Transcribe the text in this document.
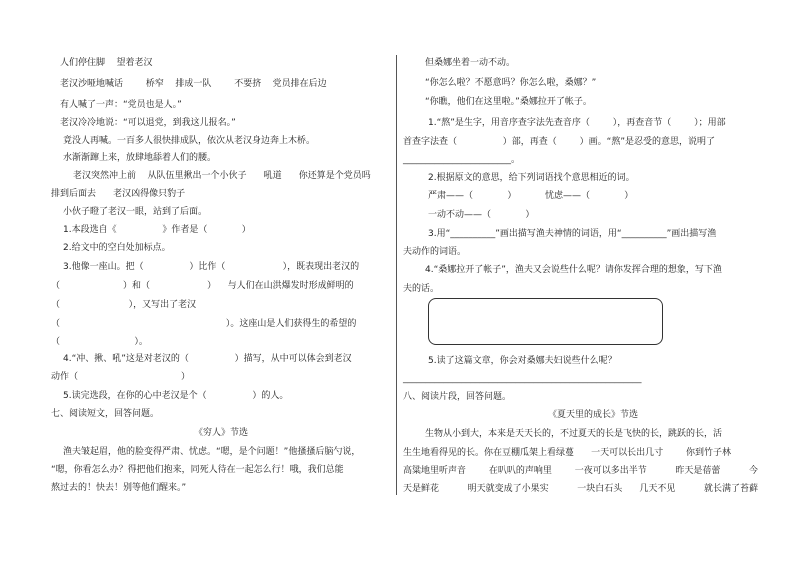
人们停住脚    望着老汉
老汉沙哑地喊话        桥窄    排成一队        不要挤    党员排在后边
有人喊了一声：“党员也是人。”
老汉冷冷地说：“可以退党，到我这儿报名。”
竟没人再喊。一百多人很快排成队，依次从老汉身边奔上木桥。
水渐渐蹿上来，放肆地舔着人们的腰。
老汉突然冲上前    从队伍里揪出一个小伙子      吼道      你还算是个党员吗
排到后面去      老汉凶得像只豹子
小伙子瞪了老汉一眼，站到了后面。
1.本段选自《                》作者是（            ）
2.给文中的空白处加标点。
3.他像一座山。把（                ）比作（                    ），既表现出老汉的
（                      ）和（                    ）    与人们在山洪爆发时形成鲜明的
（                        ），又写出了老汉
（                                                          ）。这座山是人们获得生的希望的
（                          ）。
4.“冲、揪、吼”这是对老汉的（                ）描写，从中可以体会到老汉
动作（                                    ）
5.读完选段，在你的心中老汉是个（                ）的人。
七、阅读短文，回答问题。
《穷人》节选
渔夫皱起眉，他的脸变得严肃、忧虑。“嗯，是个问题！”他搔搔后脑勺说，
“嗯，你看怎么办？得把他们抱来，同死人待在一起怎么行！哦，我们总能
熬过去的！快去！别等他们醒来。”
但桑娜坐着一动不动。
“你怎么啦？不愿意吗？你怎么啦，桑娜？”
“你瞧，他们在这里啦。”桑娜拉开了帐子。
1.“熬”是生字，用音序查字法先查音序（        ），再查音节（        ）；用部
首查字法查（                ）部，再查（        ）画。“熬”是忍受的意思，说明了
________________________。
2.根据原文的意思，给下列词语找个意思相近的词。
严肃——（            ）          忧虑——（            ）
一动不动——（            ）
3.用“__________”画出描写渔夫神情的词语，用“__________”画出描写渔
夫动作的词语。
4.“桑娜拉开了帐子”，渔夫又会说些什么呢？请你发挥合理的想象，写下渔
夫的话。
5.读了这篇文章，你会对桑娜夫妇说些什么呢？
_____________________________________________________
八、阅读片段，回答问题。
《夏天里的成长》节选
生物从小到大，本来是天天长的，不过夏天的长是飞快的长，跳跃的长，活
生生地看得见的长。你在豆棚瓜架上看绿蔓      一天可以长出几寸        你到竹子林
高粱地里听声音        在叭叭的声响里        一夜可以多出半节          昨天是蓓蕾          今
天是鲜花          明天就变成了小果实          一块白石头      几天不见          就长满了苔藓
